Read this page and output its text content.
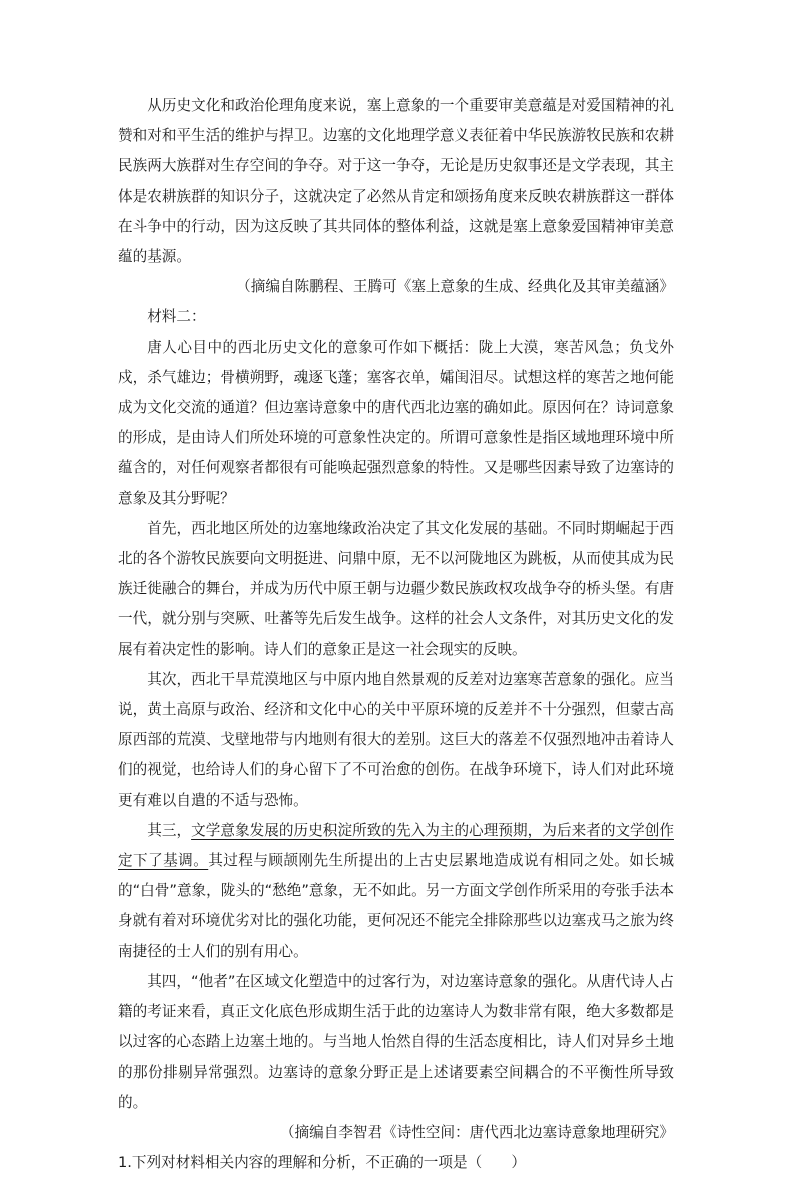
从历史文化和政治伦理角度来说，塞上意象的一个重要审美意蕴是对爱国精神的礼赞和对和平生活的维护与捍卫。边塞的文化地理学意义表征着中华民族游牧民族和农耕民族两大族群对生存空间的争夺。对于这一争夺，无论是历史叙事还是文学表现，其主体是农耕族群的知识分子，这就决定了必然从肯定和颂扬角度来反映农耕族群这一群体在斗争中的行动，因为这反映了其共同体的整体利益，这就是塞上意象爱国精神审美意蕴的基源。

（摘编自陈鹏程、王腾可《塞上意象的生成、经典化及其审美蕴涵》

材料二：

唐人心目中的西北历史文化的意象可作如下概括：陇上大漠，寒苦风急；负戈外戍，杀气雄边；骨横朔野，魂逐飞蓬；塞客衣单，孀闺泪尽。试想这样的寒苦之地何能成为文化交流的通道？但边塞诗意象中的唐代西北边塞的确如此。原因何在？诗词意象的形成，是由诗人们所处环境的可意象性决定的。所谓可意象性是指区域地理环境中所蕴含的，对任何观察者都很有可能唤起强烈意象的特性。又是哪些因素导致了边塞诗的意象及其分野呢？

首先，西北地区所处的边塞地缘政治决定了其文化发展的基础。不同时期崛起于西北的各个游牧民族要向文明挺进、问鼎中原，无不以河陇地区为跳板，从而使其成为民族迁徙融合的舞台，并成为历代中原王朝与边疆少数民族政权攻战争夺的桥头堡。有唐一代，就分别与突厥、吐蕃等先后发生战争。这样的社会人文条件，对其历史文化的发展有着决定性的影响。诗人们的意象正是这一社会现实的反映。

其次，西北干旱荒漠地区与中原内地自然景观的反差对边塞寒苦意象的强化。应当说，黄土高原与政治、经济和文化中心的关中平原环境的反差并不十分强烈，但蒙古高原西部的荒漠、戈壁地带与内地则有很大的差别。这巨大的落差不仅强烈地冲击着诗人们的视觉，也给诗人们的身心留下了不可治愈的创伤。在战争环境下，诗人们对此环境更有难以自遣的不适与恐怖。

其三，文学意象发展的历史积淀所致的先入为主的心理预期，为后来者的文学创作定下了基调。其过程与顾颉刚先生所提出的上古史层累地造成说有相同之处。如长城的“白骨”意象，陇头的“愁绝”意象，无不如此。另一方面文学创作所采用的夸张手法本身就有着对环境优劣对比的强化功能，更何况还不能完全排除那些以边塞戎马之旅为终南捷径的士人们的别有用心。

其四，“他者”在区域文化塑造中的过客行为，对边塞诗意象的强化。从唐代诗人占籍的考证来看，真正文化底色形成期生活于此的边塞诗人为数非常有限，绝大多数都是以过客的心态踏上边塞土地的。与当地人怡然自得的生活态度相比，诗人们对异乡土地的那份排剔异常强烈。边塞诗的意象分野正是上述诸要素空间耦合的不平衡性所导致的。

（摘编自李智君《诗性空间：唐代西北边塞诗意象地理研究》

1.下列对材料相关内容的理解和分析，不正确的一项是（　　）
